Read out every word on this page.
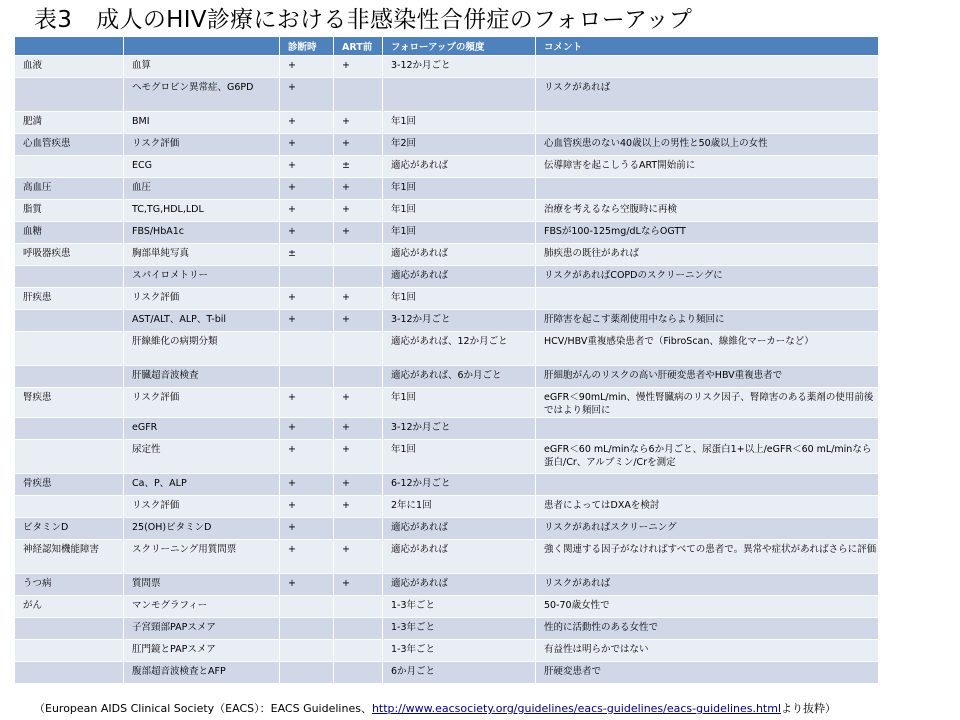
表3 成人のHIV診療における非感染性合併症のフォローアップ
		診断時	ART前	フォローアップの頻度	コメント
血液	血算	+	+	3-12か月ごと	
	ヘモグロビン異常症、G6PD	+			リスクがあれば
肥満	BMI	+	+	年1回	
心血管疾患	リスク評価	+	+	年2回	心血管疾患のない40歳以上の男性と50歳以上の女性
	ECG	+	±	適応があれば	伝導障害を起こしうるART開始前に
高血圧	血圧	+	+	年1回	
脂質	TC,TG,HDL,LDL	+	+	年1回	治療を考えるなら空腹時に再検
血糖	FBS/HbA1c	+	+	年1回	FBSが100-125mg/dLならOGTT
呼吸器疾患	胸部単純写真	±		適応があれば	肺疾患の既往があれば
	スパイロメトリー			適応があれば	リスクがあればCOPDのスクリーニングに
肝疾患	リスク評価	+	+	年1回	
	AST/ALT、ALP、T-bil	+	+	3-12か月ごと	肝障害を起こす薬剤使用中ならより頻回に
	肝線維化の病期分類			適応があれば、12か月ごと	HCV/HBV重複感染患者で（FibroScan、線維化マーカーなど）
	肝臓超音波検査			適応があれば、6か月ごと	肝細胞がんのリスクの高い肝硬変患者やHBV重複患者で
腎疾患	リスク評価	+	+	年1回	eGFR＜90mL/min、慢性腎臓病のリスク因子、腎障害のある薬剤の使用前後ではより頻回に
	eGFR	+	+	3-12か月ごと	
	尿定性	+	+	年1回	eGFR＜60 mL/minなら6か月ごと、尿蛋白1+以上/eGFR＜60 mL/minなら蛋白/Cr、アルブミン/Crを測定
骨疾患	Ca、P、ALP	+	+	6-12か月ごと	
	リスク評価	+	+	2年に1回	患者によってはDXAを検討
ビタミンD	25(OH)ビタミンD	+		適応があれば	リスクがあればスクリーニング
神経認知機能障害	スクリーニング用質問票	+	+	適応があれば	強く関連する因子がなければすべての患者で。異常や症状があればさらに評価
うつ病	質問票	+	+	適応があれば	リスクがあれば
がん	マンモグラフィー			1-3年ごと	50-70歳女性で
	子宮頸部PAPスメア			1-3年ごと	性的に活動性のある女性で
	肛門鏡とPAPスメア			1-3年ごと	有益性は明らかではない
	腹部超音波検査とAFP			6か月ごと	肝硬変患者で
（European AIDS Clinical Society（EACS）：EACS Guidelines、http://www.eacsociety.org/guidelines/eacs-guidelines/eacs-guidelines.htmlより抜粋）
